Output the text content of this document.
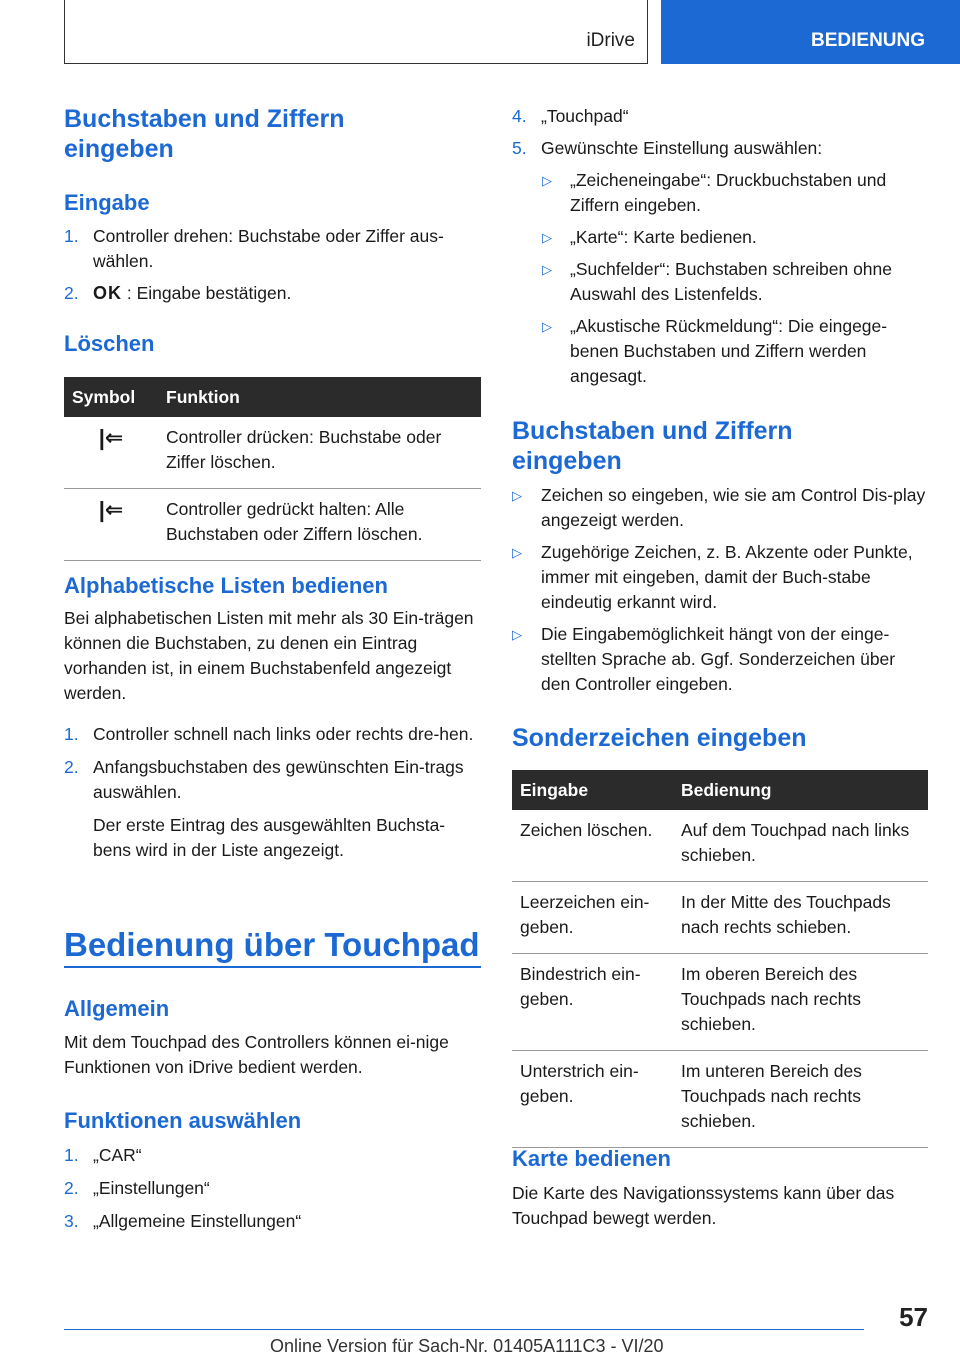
iDrive	BEDIENUNG
Buchstaben und Ziffern eingeben
Eingabe
1. Controller drehen: Buchstabe oder Ziffer aus-wählen.
2. OK : Eingabe bestätigen.
Löschen
Symbol	Funktion
|⇐	Controller drücken: Buchstabe oder Ziffer löschen.
|⇐	Controller gedrückt halten: Alle Buchstaben oder Ziffern löschen.
Alphabetische Listen bedienen

Bei alphabetischen Listen mit mehr als 30 Ein-trägen können die Buchstaben, zu denen ein Eintrag vorhanden ist, in einem Buchstabenfeld angezeigt werden.

1. Controller schnell nach links oder rechts dre-hen.
2. Anfangsbuchstaben des gewünschten Ein-trags auswählen.
Der erste Eintrag des ausgewählten Buchsta-bens wird in der Liste angezeigt.
Bedienung über Touchpad
Allgemein

Mit dem Touchpad des Controllers können ei-nige Funktionen von iDrive bedient werden.

Funktionen auswählen
1. „CAR“
2. „Einstellungen“
3. „Allgemeine Einstellungen“
4. „Touchpad“
5. Gewünschte Einstellung auswählen:
▷ „Zeicheneingabe“: Druckbuchstaben und Ziffern eingeben.
▷ „Karte“: Karte bedienen.
▷ „Suchfelder“: Buchstaben schreiben ohne Auswahl des Listenfelds.
▷ „Akustische Rückmeldung“: Die eingege-benen Buchstaben und Ziffern werden angesagt.
Buchstaben und Ziffern eingeben
▷ Zeichen so eingeben, wie sie am Control Dis-play angezeigt werden.
▷ Zugehörige Zeichen, z. B. Akzente oder Punkte, immer mit eingeben, damit der Buch-stabe eindeutig erkannt wird.
▷ Die Eingabemöglichkeit hängt von der einge-stellten Sprache ab. Ggf. Sonderzeichen über den Controller eingeben.
Sonderzeichen eingeben
Eingabe	Bedienung
Zeichen löschen.	Auf dem Touchpad nach links schieben.
Leerzeichen ein-geben.	In der Mitte des Touchpads nach rechts schieben.
Bindestrich ein-geben.	Im oberen Bereich des Touchpads nach rechts schieben.
Unterstrich ein-geben.	Im unteren Bereich des Touchpads nach rechts schieben.
Karte bedienen

Die Karte des Navigationssystems kann über das Touchpad bewegt werden.

57
Online Version für Sach-Nr. 01405A111C3 - VI/20
